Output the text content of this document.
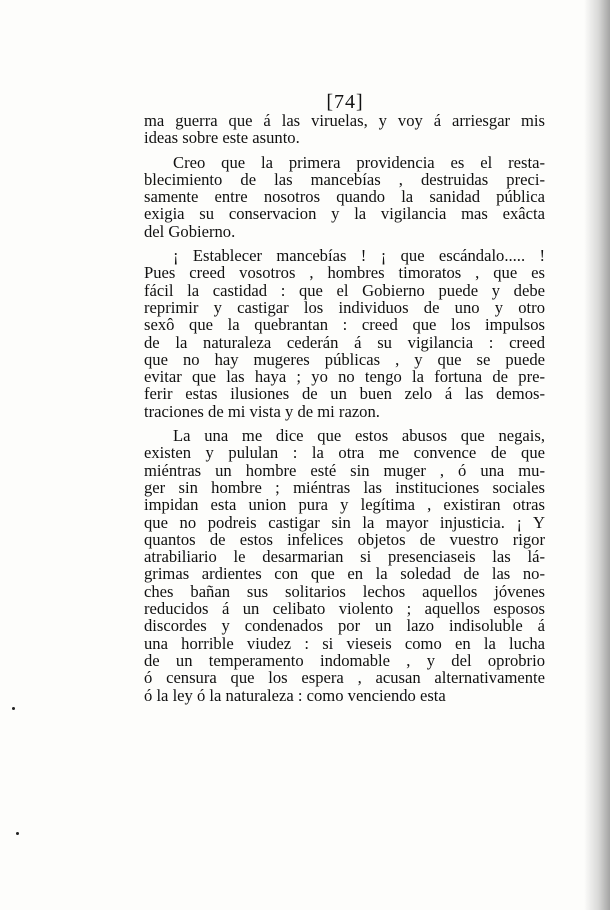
[74]
ma guerra que á las viruelas, y voy á arriesgar mis
ideas sobre este asunto.
Creo que la primera providencia es el resta-
blecimiento de las mancebías , destruidas preci-
samente entre nosotros quando la sanidad pública
exigia su conservacion y la vigilancia mas exâcta
del Gobierno.
¡ Establecer mancebías ! ¡ que escándalo..... !
Pues creed vosotros , hombres timoratos , que es
fácil la castidad : que el Gobierno puede y debe
reprimir y castigar los individuos de uno y otro
sexô que la quebrantan : creed que los impulsos
de la naturaleza cederán á su vigilancia : creed
que no hay mugeres públicas , y que se puede
evitar que las haya ; yo no tengo la fortuna de pre-
ferir estas ilusiones de un buen zelo á las demos-
traciones de mi vista y de mi razon.
La una me dice que estos abusos que negais,
existen y pululan : la otra me convence de que
miéntras un hombre esté sin muger , ó una mu-
ger sin hombre ; miéntras las instituciones sociales
impidan esta union pura y legítima , existiran otras
que no podreis castigar sin la mayor injusticia. ¡ Y
quantos de estos infelices objetos de vuestro rigor
atrabiliario le desarmarian si presenciaseis las lá-
grimas ardientes con que en la soledad de las no-
ches bañan sus solitarios lechos aquellos jóvenes
reducidos á un celibato violento ; aquellos esposos
discordes y condenados por un lazo indisoluble á
una horrible viudez : si vieseis como en la lucha
de un temperamento indomable , y del oprobrio
ó censura que los espera , acusan alternativamente
ó la ley ó la naturaleza : como venciendo esta
